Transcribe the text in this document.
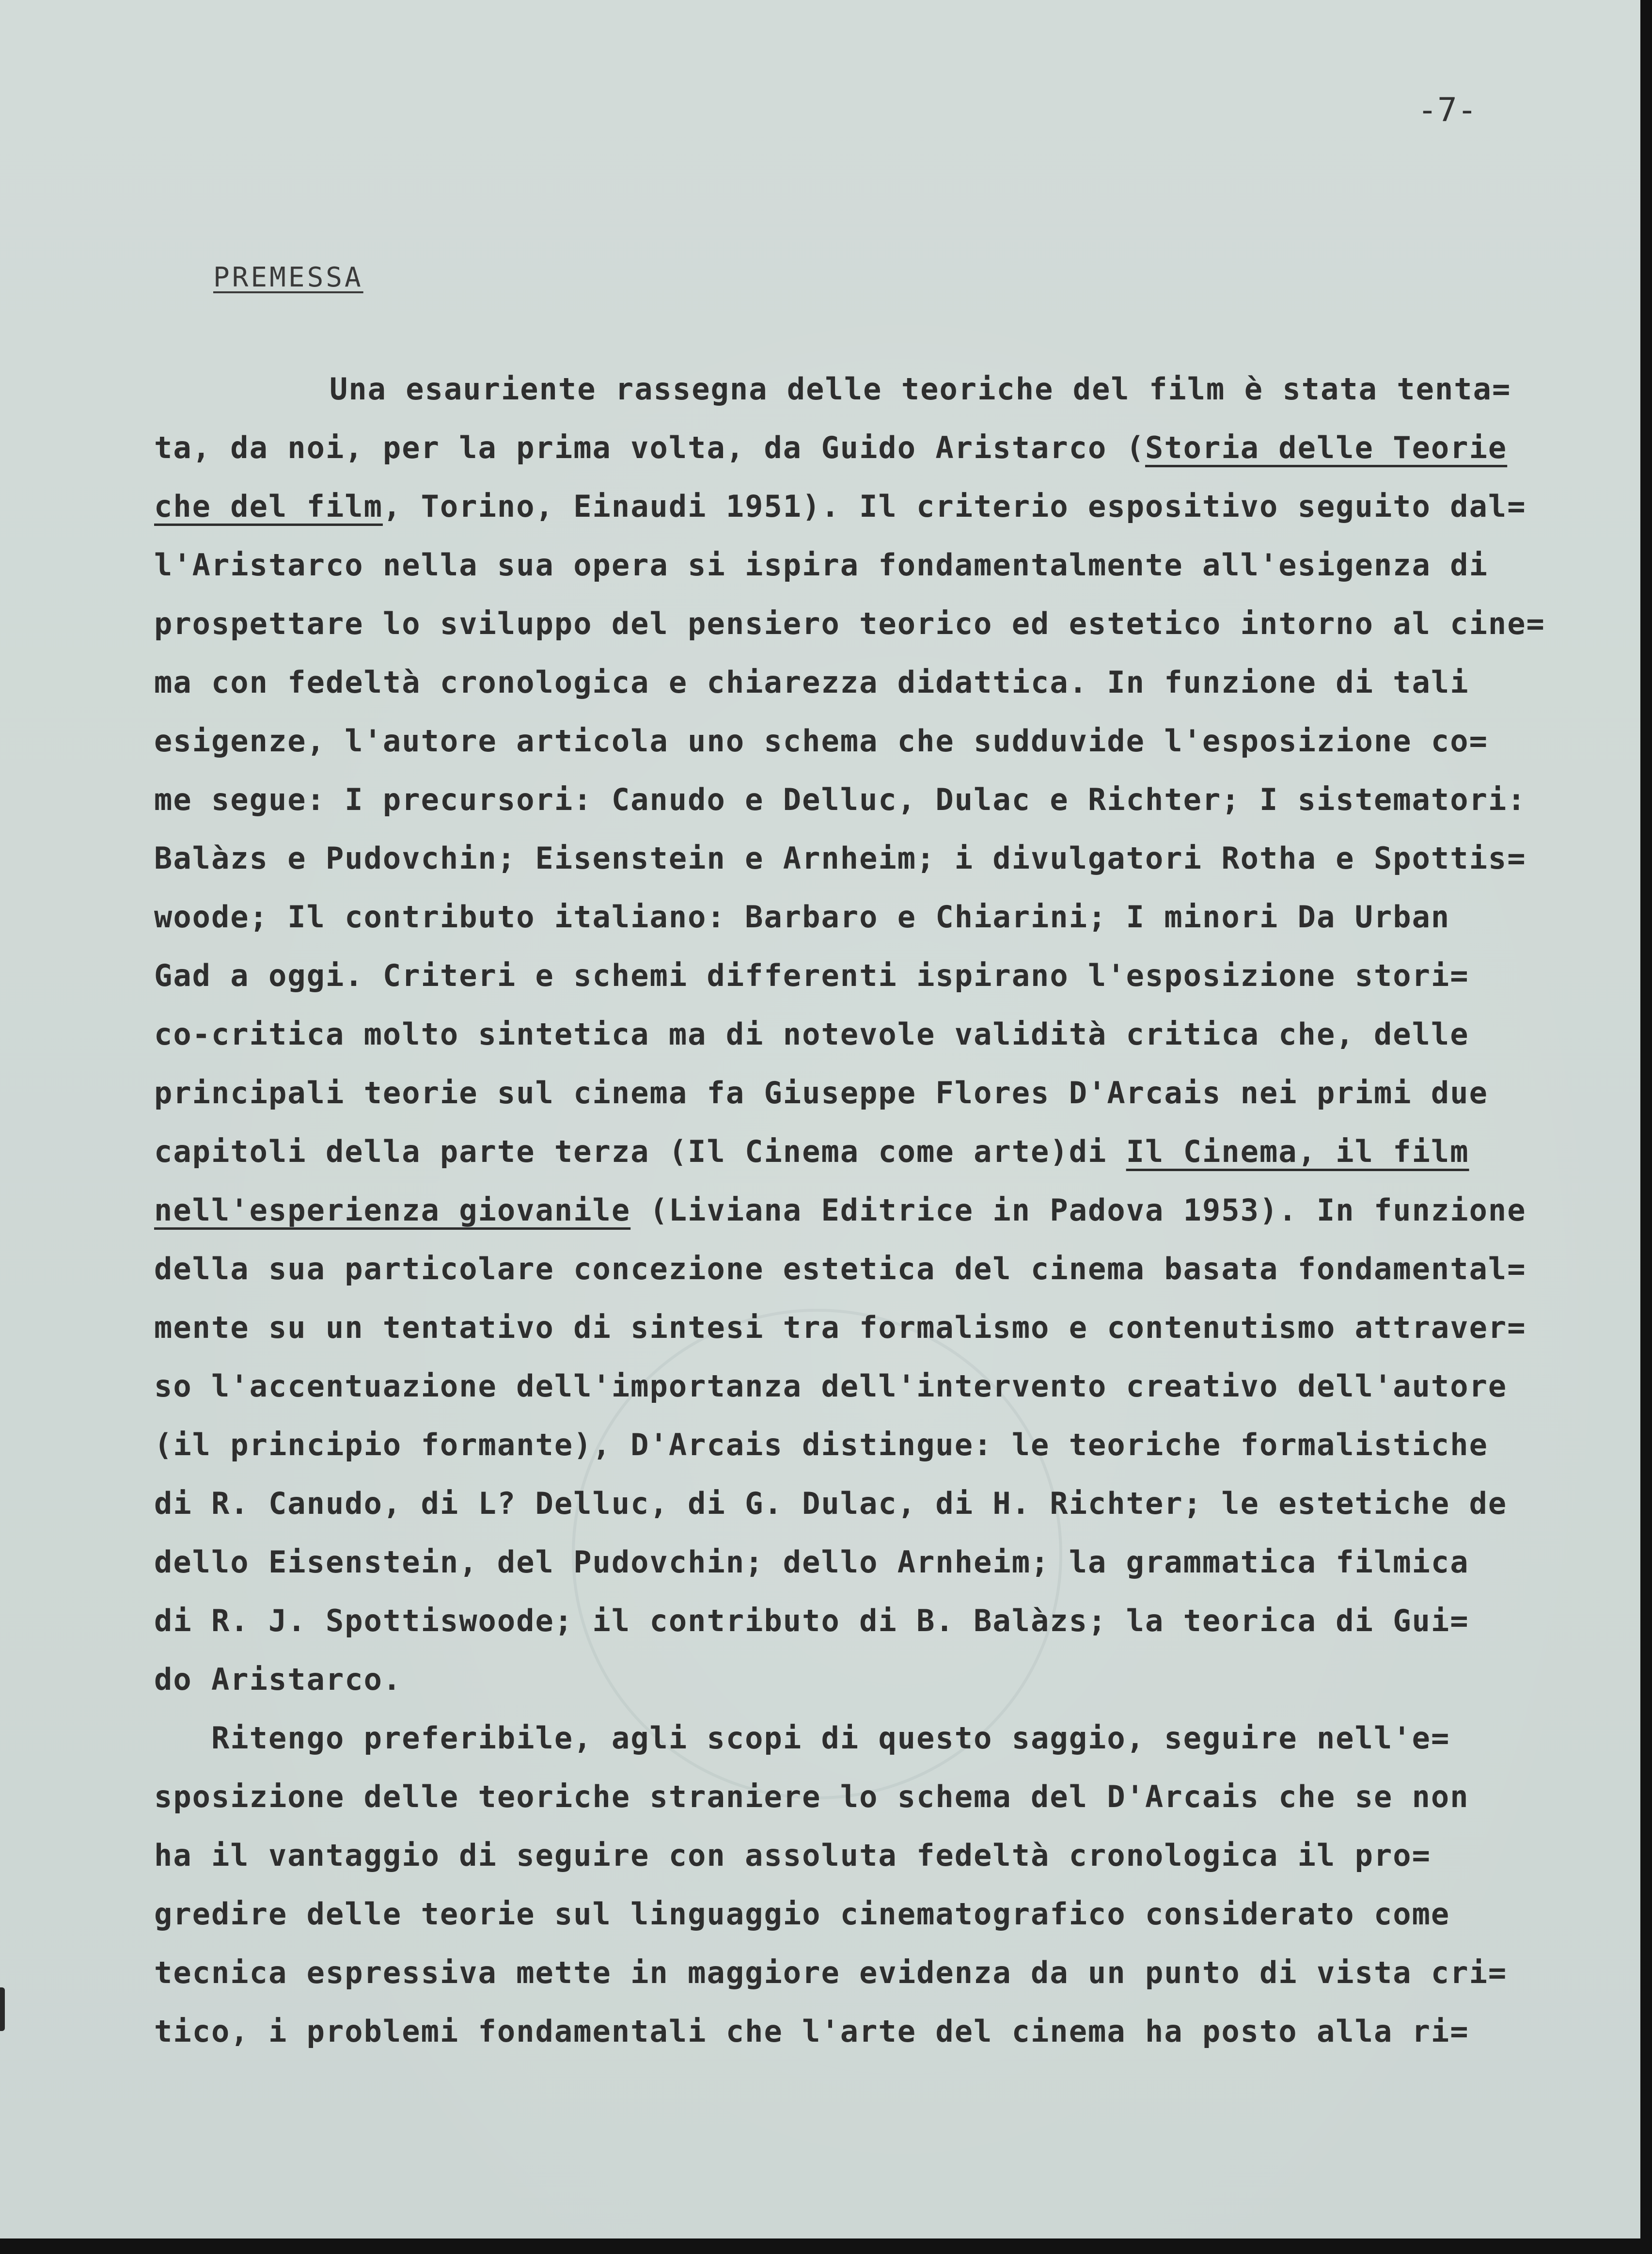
-7-
PREMESSA
Una esauriente rassegna delle teoriche del film è stata tenta=
ta, da noi, per la prima volta, da Guido Aristarco (Storia delle Teorie
che del film, Torino, Einaudi 1951). Il criterio espositivo seguito dal=
l'Aristarco nella sua opera si ispira fondamentalmente all'esigenza di
prospettare lo sviluppo del pensiero teorico ed estetico intorno al cine=
ma con fedeltà cronologica e chiarezza didattica. In funzione di tali
esigenze, l'autore articola uno schema che sudduvide l'esposizione co=
me segue: I precursori: Canudo e Delluc, Dulac e Richter; I sistematori:
Balàzs e Pudovchin; Eisenstein e Arnheim; i divulgatori Rotha e Spottis=
woode; Il contributo italiano: Barbaro e Chiarini; I minori Da Urban
Gad a oggi. Criteri e schemi differenti ispirano l'esposizione stori=
co-critica molto sintetica ma di notevole validità critica che, delle
principali teorie sul cinema fa Giuseppe Flores D'Arcais nei primi due
capitoli della parte terza (Il Cinema come arte)di Il Cinema, il film
nell'esperienza giovanile (Liviana Editrice in Padova 1953). In funzione
della sua particolare concezione estetica del cinema basata fondamental=
mente su un tentativo di sintesi tra formalismo e contenutismo attraver=
so l'accentuazione dell'importanza dell'intervento creativo dell'autore
(il principio formante), D'Arcais distingue: le teoriche formalistiche
di R. Canudo, di L? Delluc, di G. Dulac, di H. Richter; le estetiche de
dello Eisenstein, del Pudovchin; dello Arnheim; la grammatica filmica
di R. J. Spottiswoode; il contributo di B. Balàzs; la teorica di Gui=
do Aristarco.
Ritengo preferibile, agli scopi di questo saggio, seguire nell'e=
sposizione delle teoriche straniere lo schema del D'Arcais che se non
ha il vantaggio di seguire con assoluta fedeltà cronologica il pro=
gredire delle teorie sul linguaggio cinematografico considerato come
tecnica espressiva mette in maggiore evidenza da un punto di vista cri=
tico, i problemi fondamentali che l'arte del cinema ha posto alla ri=
